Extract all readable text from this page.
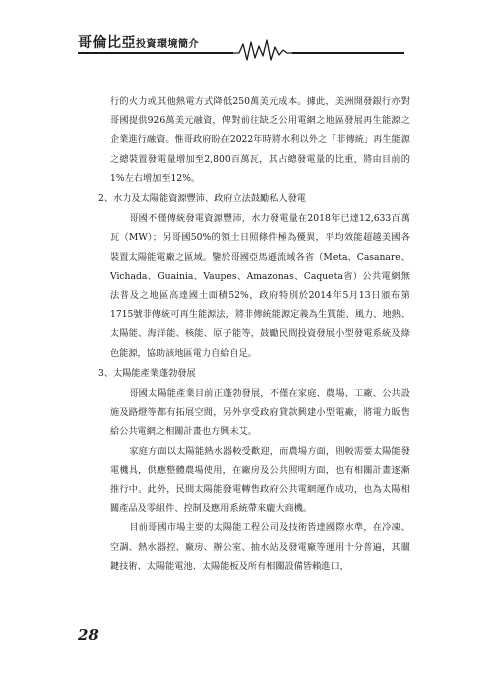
哥倫比亞投資環境簡介

行的火力或其他熱電方式降低250萬美元成本。據此，美洲開發銀行亦對哥國提供926萬美元融資，俾對前往缺乏公用電網之地區發展再生能源之企業進行融資。惟哥政府盼在2022年時將水利以外之「非傳統」再生能源之總裝置發電量增加至2,800百萬瓦，其占總發電量的比重，將由目前的1%左右增加至12%。

2、水力及太陽能資源豐沛、政府立法鼓勵私人發電

哥國不僅傳統發電資源豐沛，水力發電量在2018年已達12,633百萬瓦（MW）；另哥國50%的領土日照條件極為優異，平均效能超越美國各裝置太陽能電廠之區域。鑒於哥國亞馬遜流域各省（Meta、Casanare、Vichada、Guainia、Vaupes、Amazonas、Caqueta省）公共電網無法普及之地區高達國土面積52%，政府特別於2014年5月13日頒布第1715號非傳統可再生能源法，將非傳統能源定義為生質能、風力、地熱、太陽能、海洋能、核能、原子能等，鼓勵民間投資發展小型發電系統及綠色能源，協助該地區電力自給自足。

3、太陽能產業蓬勃發展

哥國太陽能產業目前正蓬勃發展，不僅在家庭、農場、工廠、公共設施及路燈等都有拓展空間，另外享受政府貸款興建小型電廠，將電力販售給公共電網之相關計畫也方興未艾。

家庭方面以太陽能熱水器較受歡迎，而農場方面，則較需要太陽能發電機具，供應整體農場使用，在廠房及公共照明方面，也有相關計畫逐漸推行中。此外，民間太陽能發電轉售政府公共電網運作成功，也為太陽相關產品及零組件、控制及應用系統帶來龐大商機。

目前哥國市場主要的太陽能工程公司及技術皆達國際水準，在冷凍、空調、熱水器控、廠房、辦公室、抽水站及發電廠等運用十分普遍，其關鍵技術、太陽能電池、太陽能板及所有相關設備皆賴進口，

28
